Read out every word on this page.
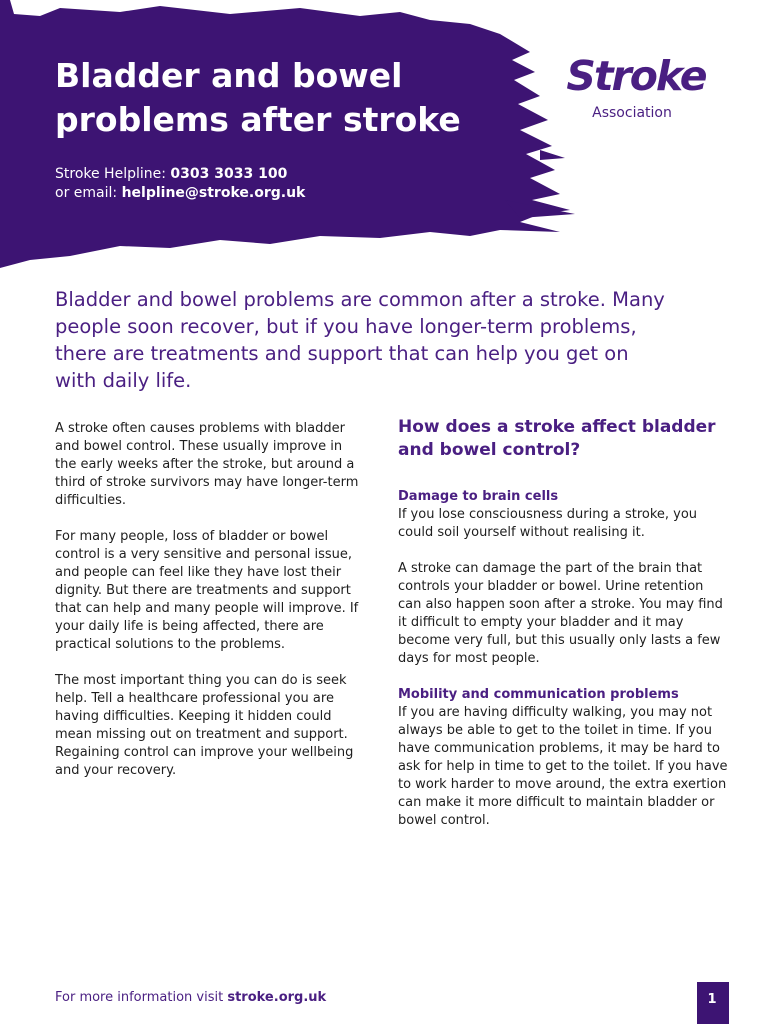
Bladder and bowel
problems after stroke
Stroke Helpline: 0303 3033 100
or email: helpline@stroke.org.uk
Stroke
Association

Bladder and bowel problems are common after a stroke. Many people soon recover, but if you have longer-term problems, there are treatments and support that can help you get on with daily life.

A stroke often causes problems with bladder and bowel control. These usually improve in the early weeks after the stroke, but around a third of stroke survivors may have longer-term difficulties.

For many people, loss of bladder or bowel control is a very sensitive and personal issue, and people can feel like they have lost their dignity. But there are treatments and support that can help and many people will improve. If your daily life is being affected, there are practical solutions to the problems.

The most important thing you can do is seek help. Tell a healthcare professional you are having difficulties. Keeping it hidden could mean missing out on treatment and support. Regaining control can improve your wellbeing and your recovery.

How does a stroke affect bladder and bowel control?
Damage to brain cells

If you lose consciousness during a stroke, you could soil yourself without realising it.

A stroke can damage the part of the brain that controls your bladder or bowel. Urine retention can also happen soon after a stroke. You may find it difficult to empty your bladder and it may become very full, but this usually only lasts a few days for most people.

Mobility and communication problems

If you are having difficulty walking, you may not always be able to get to the toilet in time. If you have communication problems, it may be hard to ask for help in time to get to the toilet. If you have to work harder to move around, the extra exertion can make it more difficult to maintain bladder or bowel control.

For more information visit stroke.org.uk	1
